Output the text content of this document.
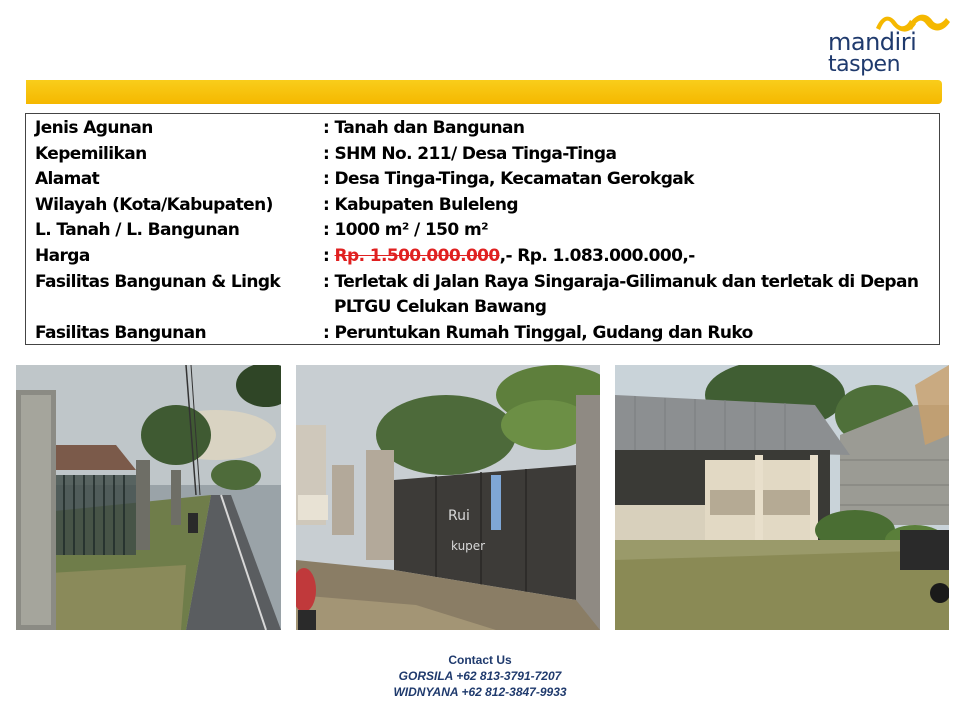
mandiri
taspen
Jenis Agunan	: Tanah dan Bangunan
Kepemilikan	: SHM No. 211/ Desa Tinga-Tinga
Alamat	: Desa Tinga-Tinga, Kecamatan Gerokgak
Wilayah (Kota/Kabupaten)	: Kabupaten Buleleng
L. Tanah / L. Bangunan	: 1000 m² / 150 m²
Harga	: Rp. 1.500.000.000,- Rp. 1.083.000.000,-
Fasilitas Bangunan & Lingk	: Terletak di Jalan Raya Singaraja-Gilimanuk dan terletak di Depan
PLTGU Celukan Bawang
Fasilitas Bangunan	: Peruntukan Rumah Tinggal, Gudang dan Ruko
Rui
kuper
Contact Us
GORSILA +62 813-3791-7207
WIDNYANA +62 812-3847-9933
